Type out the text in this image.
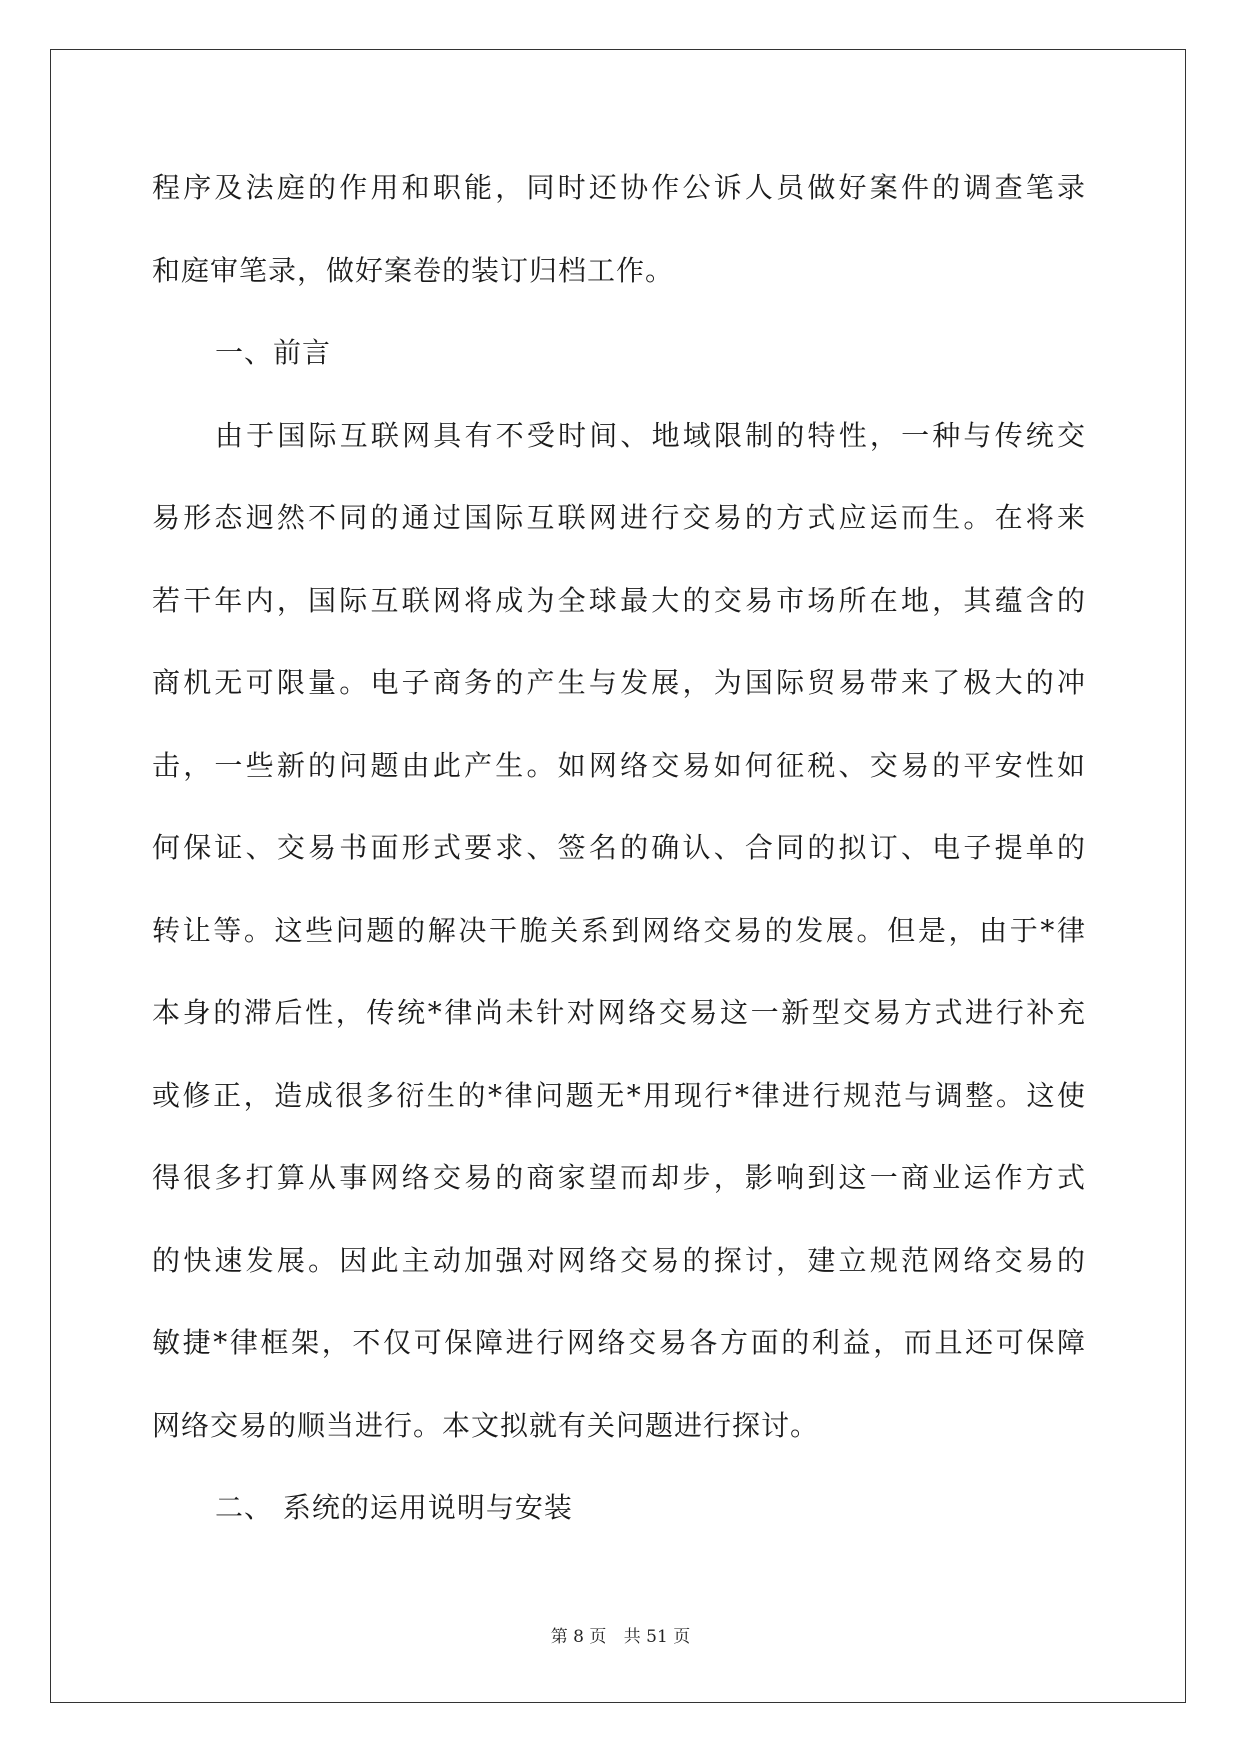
程序及法庭的作用和职能，同时还协作公诉人员做好案件的调查笔录
和庭审笔录，做好案卷的装订归档工作。
一、前言
由于国际互联网具有不受时间、地域限制的特性，一种与传统交
易形态迥然不同的通过国际互联网进行交易的方式应运而生。在将来
若干年内，国际互联网将成为全球最大的交易市场所在地，其蕴含的
商机无可限量。电子商务的产生与发展，为国际贸易带来了极大的冲
击，一些新的问题由此产生。如网络交易如何征税、交易的平安性如
何保证、交易书面形式要求、签名的确认、合同的拟订、电子提单的
转让等。这些问题的解决干脆关系到网络交易的发展。但是，由于*律
本身的滞后性，传统*律尚未针对网络交易这一新型交易方式进行补充
或修正，造成很多衍生的*律问题无*用现行*律进行规范与调整。这使
得很多打算从事网络交易的商家望而却步，影响到这一商业运作方式
的快速发展。因此主动加强对网络交易的探讨，建立规范网络交易的
敏捷*律框架，不仅可保障进行网络交易各方面的利益，而且还可保障
网络交易的顺当进行。本文拟就有关问题进行探讨。
二、 系统的运用说明与安装
第 8 页 共 51 页
